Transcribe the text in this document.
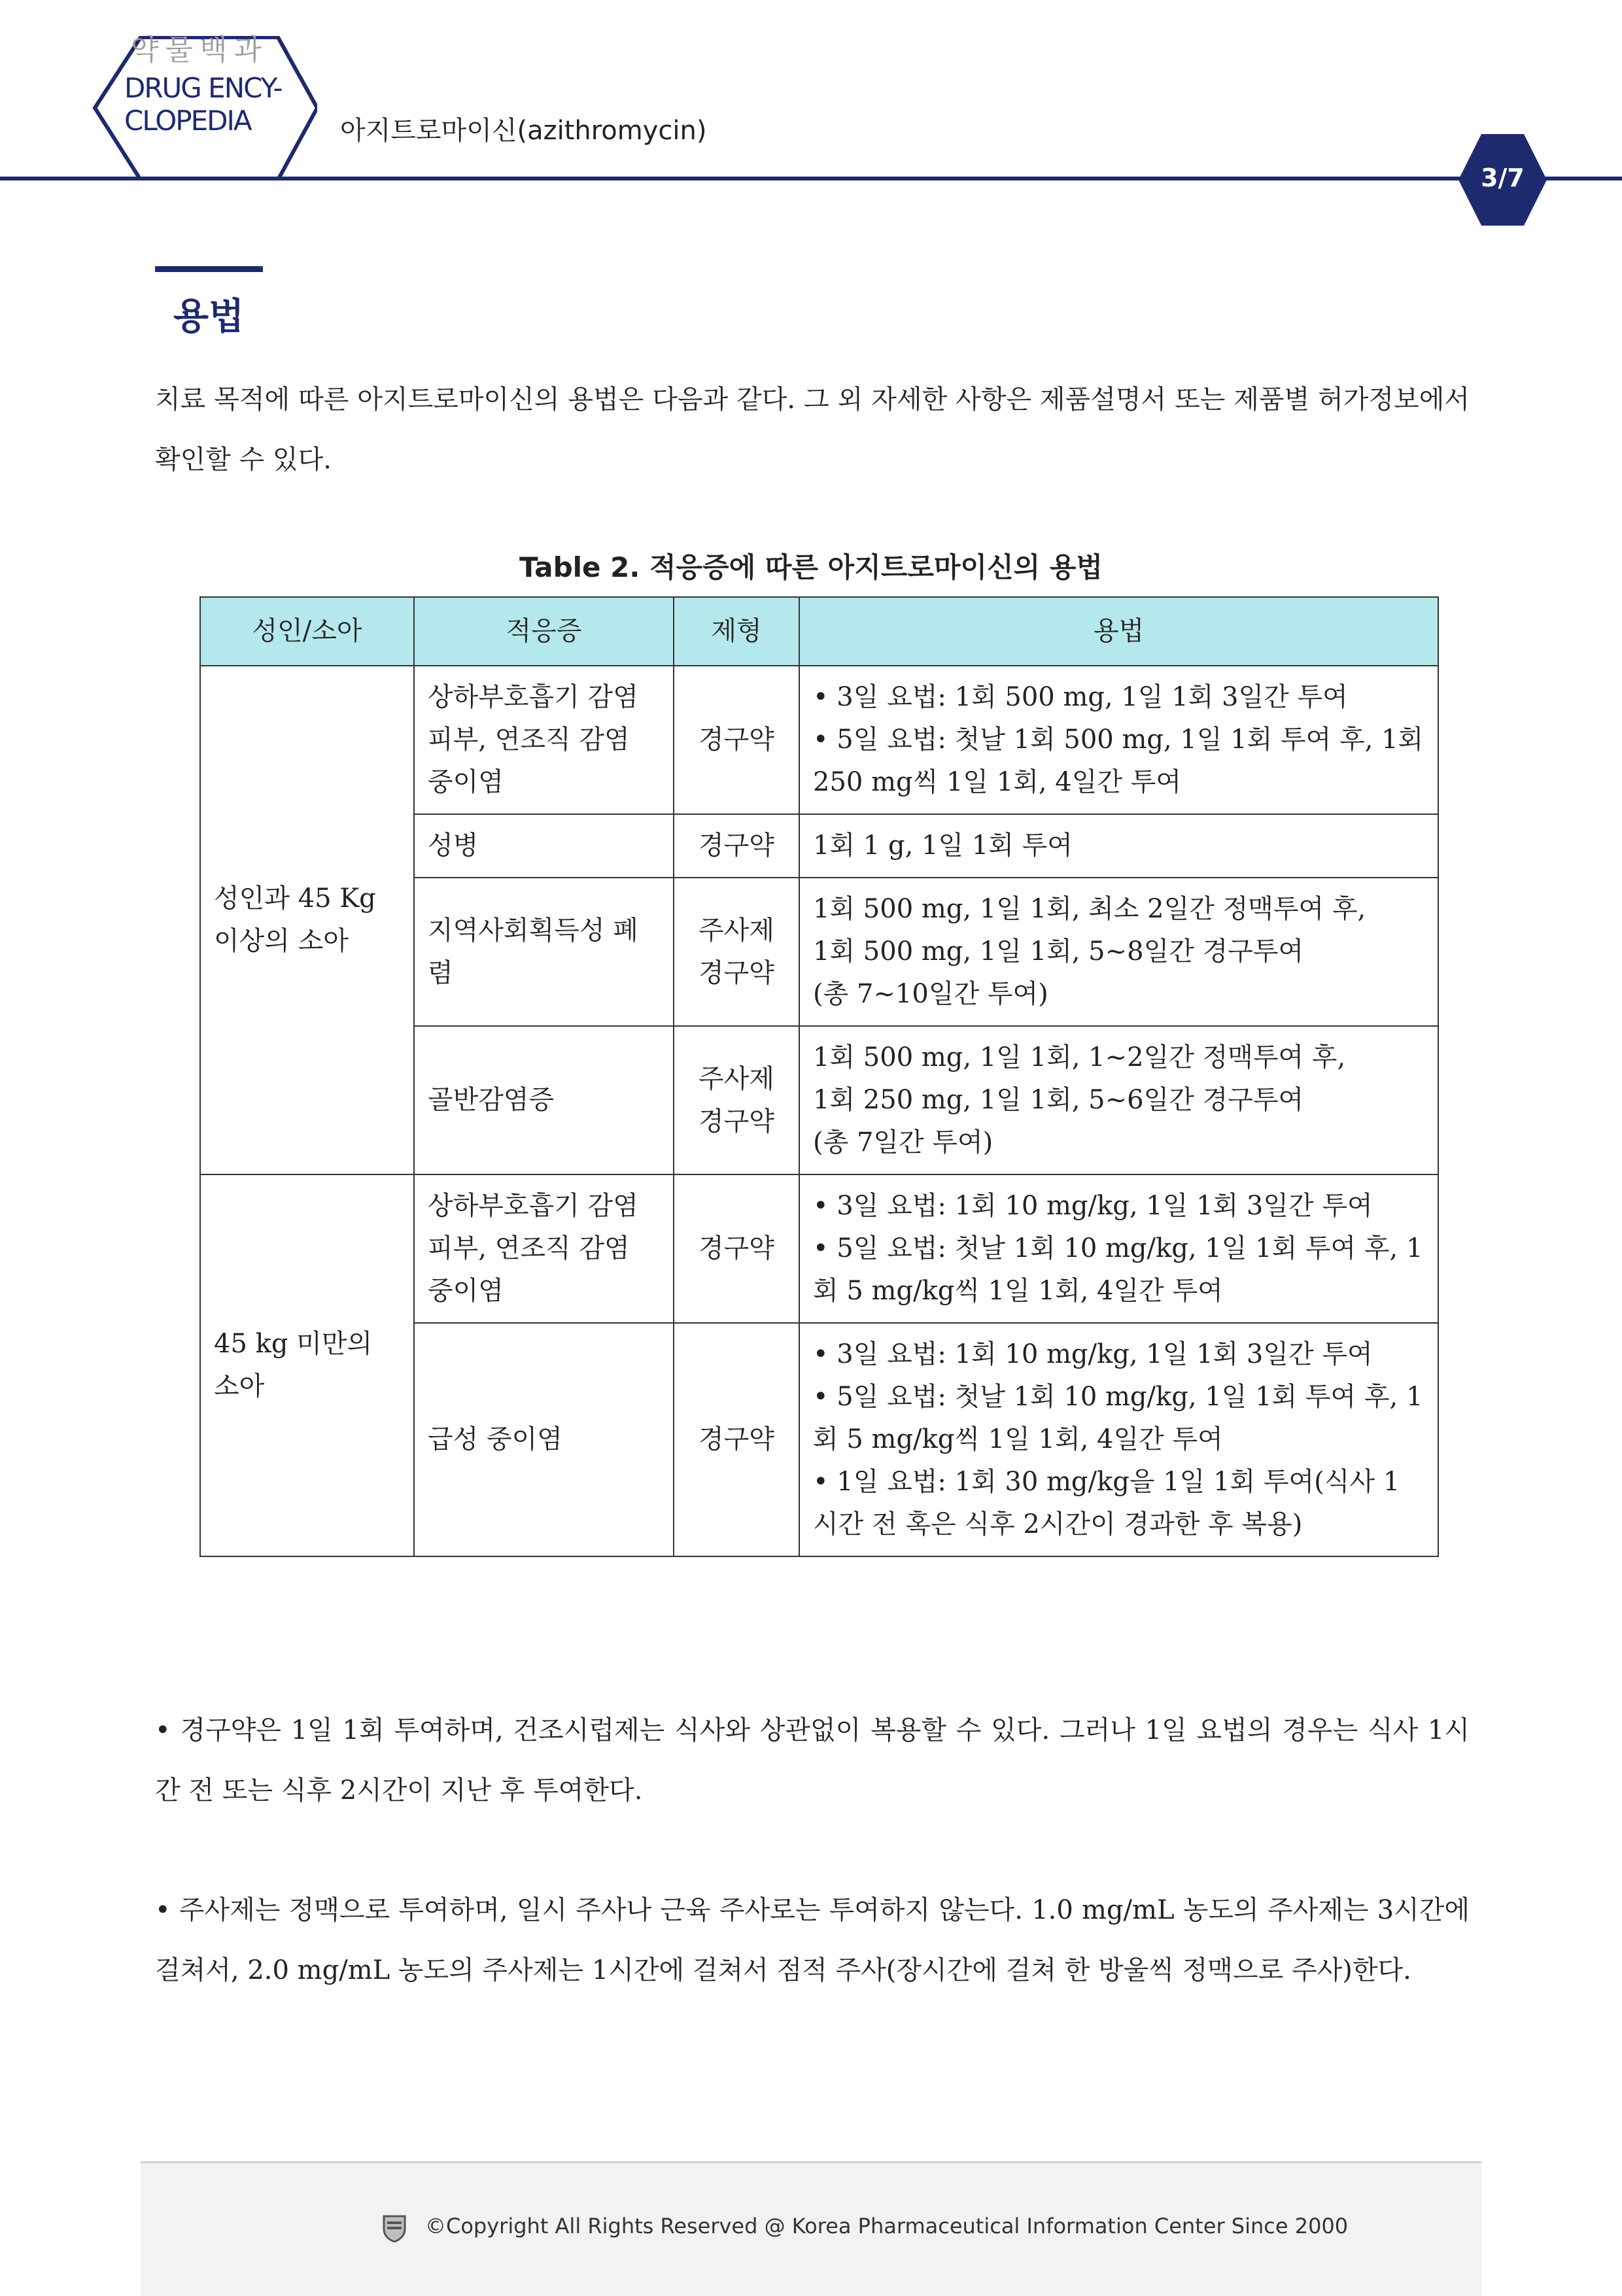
약물백과
DRUG ENCY-
CLOPEDIA	아지트로마이신(azithromycin)
3/7
용법
치료 목적에 따른 아지트로마이신의 용법은 다음과 같다. 그 외 자세한 사항은 제품설명서 또는 제품별 허가정보에서 확인할 수 있다.
Table 2. 적응증에 따른 아지트로마이신의 용법
성인/소아	적응증	제형	용법
성인과 45 Kg 이상의 소아	상하부호흡기 감염
피부, 연조직 감염
중이염	경구약	• 3일 요법: 1회 500 mg, 1일 1회 3일간 투여
• 5일 요법: 첫날 1회 500 mg, 1일 1회 투여 후, 1회 250 mg씩 1일 1회, 4일간 투여

	성병	경구약	1회 1 g, 1일 1회 투여

	지역사회획득성 폐렴	주사제
경구약	1회 500 mg, 1일 1회, 최소 2일간 정맥투여 후,
1회 500 mg, 1일 1회, 5~8일간 경구투여
(총 7~10일간 투여)

	골반감염증	주사제
경구약	1회 500 mg, 1일 1회, 1~2일간 정맥투여 후,
1회 250 mg, 1일 1회, 5~6일간 경구투여
(총 7일간 투여)

45 kg 미만의 소아	상하부호흡기 감염
피부, 연조직 감염
중이염	경구약	• 3일 요법: 1회 10 mg/kg, 1일 1회 3일간 투여
• 5일 요법: 첫날 1회 10 mg/kg, 1일 1회 투여 후, 1회 5 mg/kg씩 1일 1회, 4일간 투여

	급성 중이염	경구약	• 3일 요법: 1회 10 mg/kg, 1일 1회 3일간 투여
• 5일 요법: 첫날 1회 10 mg/kg, 1일 1회 투여 후, 1회 5 mg/kg씩 1일 1회, 4일간 투여
• 1일 요법: 1회 30 mg/kg을 1일 1회 투여(식사 1시간 전 혹은 식후 2시간이 경과한 후 복용)
• 경구약은 1일 1회 투여하며, 건조시럽제는 식사와 상관없이 복용할 수 있다. 그러나 1일 요법의 경우는 식사 1시간 전 또는 식후 2시간이 지난 후 투여한다.
• 주사제는 정맥으로 투여하며, 일시 주사나 근육 주사로는 투여하지 않는다. 1.0 mg/mL 농도의 주사제는 3시간에 걸쳐서, 2.0 mg/mL 농도의 주사제는 1시간에 걸쳐서 점적 주사(장시간에 걸쳐 한 방울씩 정맥으로 주사)한다.
©Copyright All Rights Reserved @ Korea Pharmaceutical Information Center Since 2000
